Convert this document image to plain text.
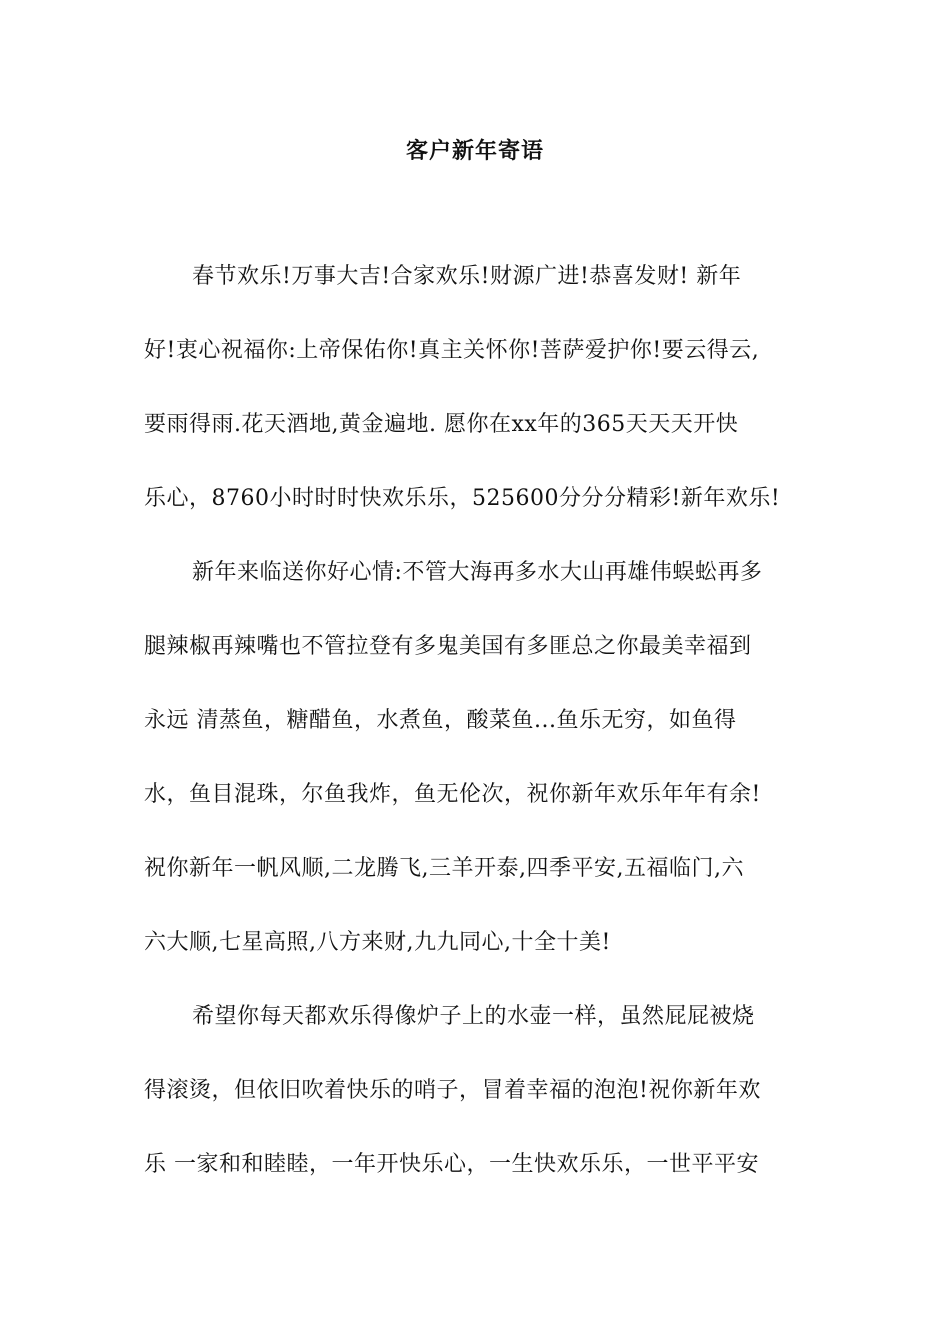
客户新年寄语
春节欢乐!万事大吉!合家欢乐!财源广进!恭喜发财! 新年
好!衷心祝福你:上帝保佑你!真主关怀你!菩萨爱护你!要云得云,
要雨得雨.花天酒地,黄金遍地. 愿你在xx年的365天天天开快
乐心，8760小时时时快欢乐乐，525600分分分精彩!新年欢乐!
新年来临送你好心情:不管大海再多水大山再雄伟蜈蚣再多
腿辣椒再辣嘴也不管拉登有多鬼美国有多匪总之你最美幸福到
永远 清蒸鱼，糖醋鱼，水煮鱼，酸菜鱼...鱼乐无穷，如鱼得
水，鱼目混珠，尔鱼我炸，鱼无伦次，祝你新年欢乐年年有余!
祝你新年一帆风顺,二龙腾飞,三羊开泰,四季平安,五福临门,六
六大顺,七星高照,八方来财,九九同心,十全十美!
希望你每天都欢乐得像炉子上的水壶一样，虽然屁屁被烧
得滚烫，但依旧吹着快乐的哨子，冒着幸福的泡泡!祝你新年欢
乐 一家和和睦睦，一年开快乐心，一生快欢乐乐，一世平平安
